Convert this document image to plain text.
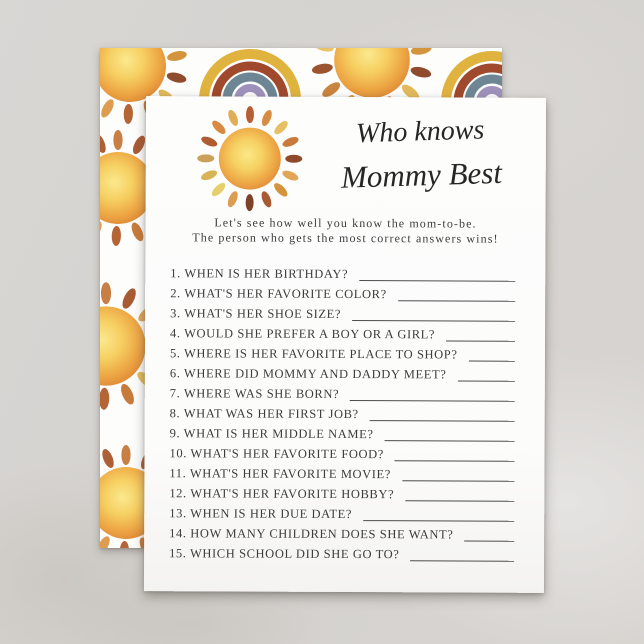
Who knows
Mommy Best
Let's see how well you know the mom-to-be.
The person who gets the most correct answers wins!
1. WHEN IS HER BIRTHDAY?
2. WHAT'S HER FAVORITE COLOR?
3. WHAT'S HER SHOE SIZE?
4. WOULD SHE PREFER A BOY OR A GIRL?
5. WHERE IS HER FAVORITE PLACE TO SHOP?
6. WHERE DID MOMMY AND DADDY MEET?
7. WHERE WAS SHE BORN?
8. WHAT WAS HER FIRST JOB?
9. WHAT IS HER MIDDLE NAME?
10. WHAT'S HER FAVORITE FOOD?
11. WHAT'S HER FAVORITE MOVIE?
12. WHAT'S HER FAVORITE HOBBY?
13. WHEN IS HER DUE DATE?
14. HOW MANY CHILDREN DOES SHE WANT?
15. WHICH SCHOOL DID SHE GO TO?
